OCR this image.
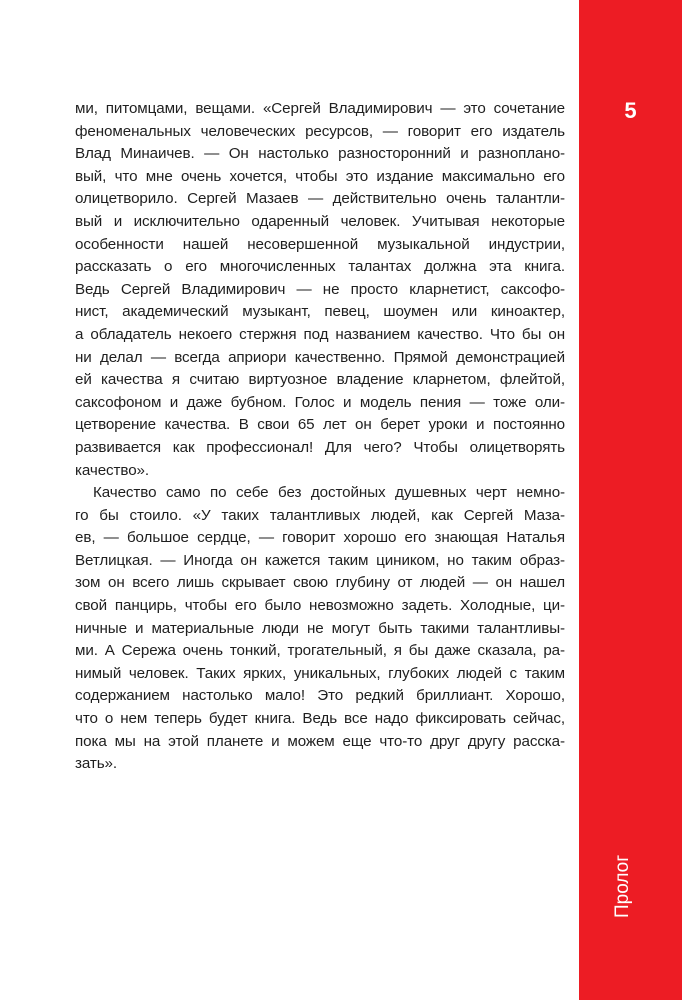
ми, питомцами, вещами. «Сергей Владимирович — это сочетание
феноменальных человеческих ресурсов, — говорит его издатель
Влад Минаичев. — Он настолько разносторонний и разноплано-
вый, что мне очень хочется, чтобы это издание максимально его
олицетворило. Сергей Мазаев — действительно очень талантли-
вый и исключительно одаренный человек. Учитывая некоторые
особенности нашей несовершенной музыкальной индустрии,
рассказать о его многочисленных талантах должна эта книга.
Ведь Сергей Владимирович — не просто кларнетист, саксофо-
нист, академический музыкант, певец, шоумен или киноактер,
а обладатель некоего стержня под названием качество. Что бы он
ни делал — всегда априори качественно. Прямой демонстрацией
ей качества я считаю виртуозное владение кларнетом, флейтой,
саксофоном и даже бубном. Голос и модель пения — тоже оли-
цетворение качества. В свои 65 лет он берет уроки и постоянно
развивается как профессионал! Для чего? Чтобы олицетворять
качество».
Качество само по себе без достойных душевных черт немно-
го бы стоило. «У таких талантливых людей, как Сергей Маза-
ев, — большое сердце, — говорит хорошо его знающая Наталья
Ветлицкая. — Иногда он кажется таким циником, но таким образ-
зом он всего лишь скрывает свою глубину от людей — он нашел
свой панцирь, чтобы его было невозможно задеть. Холодные, ци-
ничные и материальные люди не могут быть такими талантливы-
ми. А Сережа очень тонкий, трогательный, я бы даже сказала, ра-
нимый человек. Таких ярких, уникальных, глубоких людей с таким
содержанием настолько мало! Это редкий бриллиант. Хорошо,
что о нем теперь будет книга. Ведь все надо фиксировать сейчас,
пока мы на этой планете и можем еще что-то друг другу расска-
зать».
5
Пролог
